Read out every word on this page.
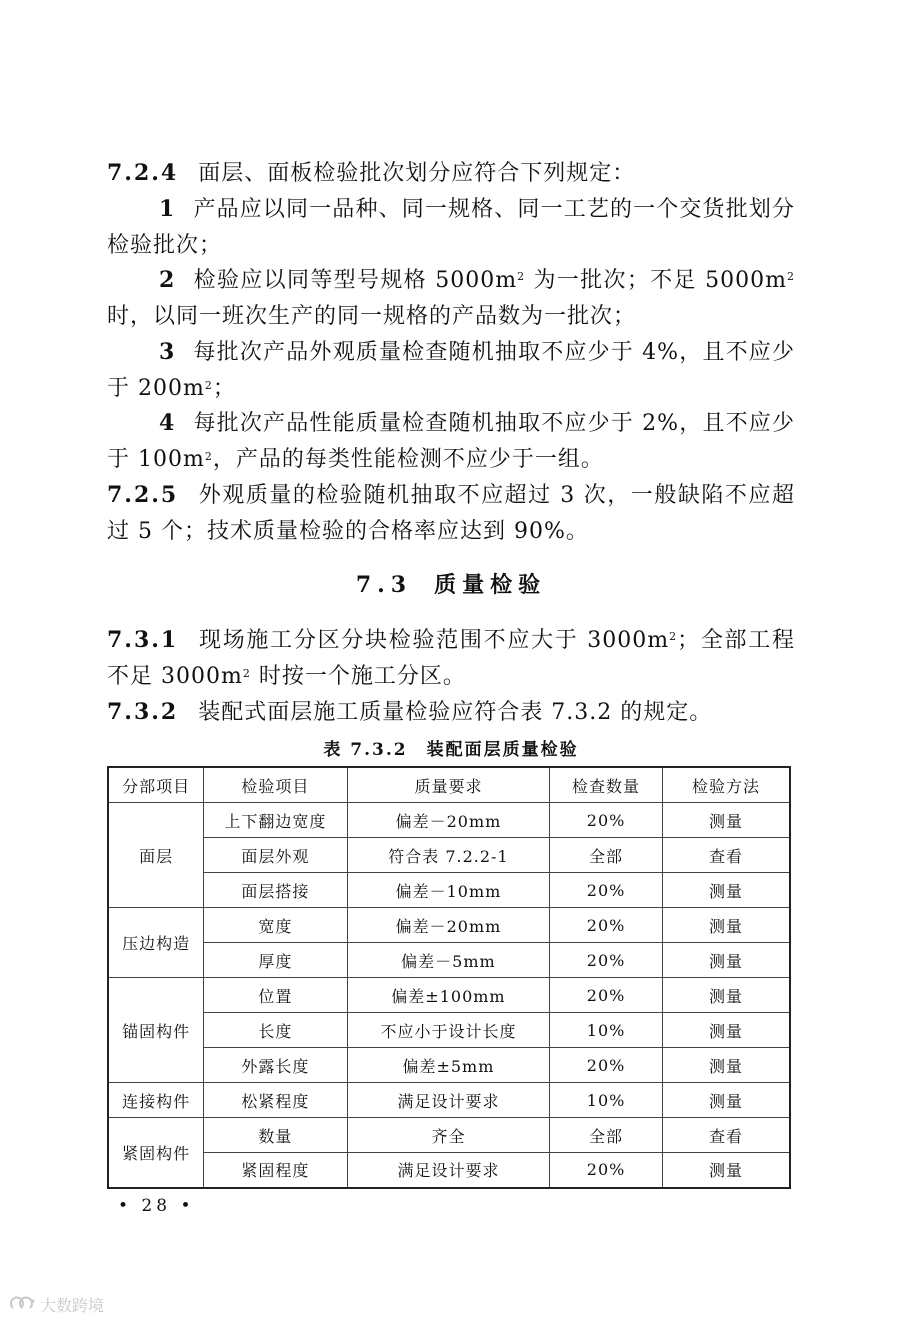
7.2.4 面层、面板检验批次划分应符合下列规定：

1 产品应以同一品种、同一规格、同一工艺的一个交货批划分检验批次；

2 检验应以同等型号规格 $5000m^2$ 为一批次；不足 $5000m^2$时，以同一班次生产的同一规格的产品数为一批次；

3 每批次产品外观质量检查随机抽取不应少于 4%，且不应少于 $200m^2$；

4 每批次产品性能质量检查随机抽取不应少于 2%，且不应少于 $100m^2$，产品的每类性能检测不应少于一组。

7.2.5 外观质量的检验随机抽取不应超过 3 次，一般缺陷不应超过 5 个；技术质量检验的合格率应达到 90%。

7.3 质量检验

7.3.1 现场施工分区分块检验范围不应大于 $3000m^2$；全部工程不足 $3000m^2$ 时按一个施工分区。

7.3.2 装配式面层施工质量检验应符合表 7.3.2 的规定。

表 7.3.2　装配面层质量检验

分部项目	检验项目	质量要求	检查数量	检验方法
面层	上下翻边宽度	偏差－20mm	20%	测量
	面层外观	符合表 7.2.2-1	全部	查看
	面层搭接	偏差－10mm	20%	测量
压边构造	宽度	偏差－20mm	20%	测量
	厚度	偏差－5mm	20%	测量
锚固构件	位置	偏差±100mm	20%	测量
	长度	不应小于设计长度	10%	测量
	外露长度	偏差±5mm	20%	测量
连接构件	松紧程度	满足设计要求	10%	测量
紧固构件	数量	齐全	全部	查看
	紧固程度	满足设计要求	20%	测量

• 28 •

大数跨境
